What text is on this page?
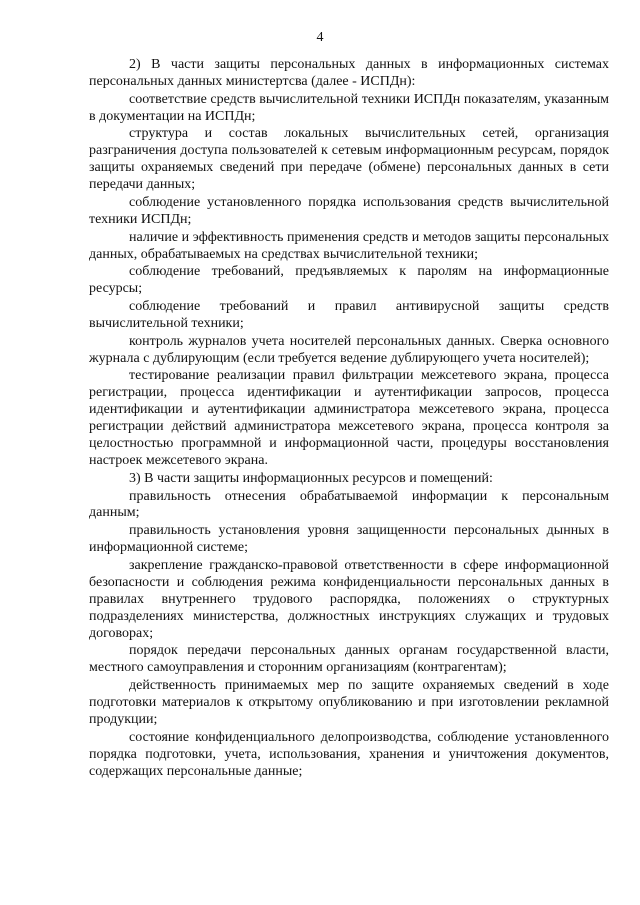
4

2) В части защиты персональных данных в информационных системах персональных данных министертсва (далее - ИСПДн):

соответствие средств вычислительной техники ИСПДн показателям, указанным в документации на ИСПДн;

структура и состав локальных вычислительных сетей, организация разграничения доступа пользователей к сетевым информационным ресурсам, порядок защиты охраняемых сведений при передаче (обмене) персональных данных в сети передачи данных;

соблюдение установленного порядка использования средств вычислительной техники ИСПДн;

наличие и эффективность применения средств и методов защиты персональных данных, обрабатываемых на средствах вычислительной техники;

соблюдение требований, предъявляемых к паролям на информационные ресурсы;

соблюдение требований и правил антивирусной защиты средств вычислительной техники;

контроль журналов учета носителей персональных данных. Сверка основного журнала с дублирующим (если требуется ведение дублирующего учета носителей);

тестирование реализации правил фильтрации межсетевого экрана, процесса регистрации, процесса идентификации и аутентификации запросов, процесса идентификации и аутентификации администратора межсетевого экрана, процесса регистрации действий администратора межсетевого экрана, процесса контроля за целостностью программной и информационной части, процедуры восстановления настроек межсетевого экрана.

3) В части защиты информационных ресурсов и помещений:

правильность отнесения обрабатываемой информации к персональным данным;

правильность установления уровня защищенности персональных дынных в информационной системе;

закрепление гражданско-правовой ответственности в сфере информационной безопасности и соблюдения режима конфиденциальности персональных данных в правилах внутреннего трудового распорядка, положениях о структурных подразделениях министерства, должностных инструкциях служащих и трудовых договорах;

порядок передачи персональных данных органам государственной власти, местного самоуправления и сторонним организациям (контрагентам);

действенность принимаемых мер по защите охраняемых сведений в ходе подготовки материалов к открытому опубликованию и при изготовлении рекламной продукции;

состояние конфиденциального делопроизводства, соблюдение установленного порядка подготовки, учета, использования, хранения и уничтожения документов, содержащих персональные данные;
